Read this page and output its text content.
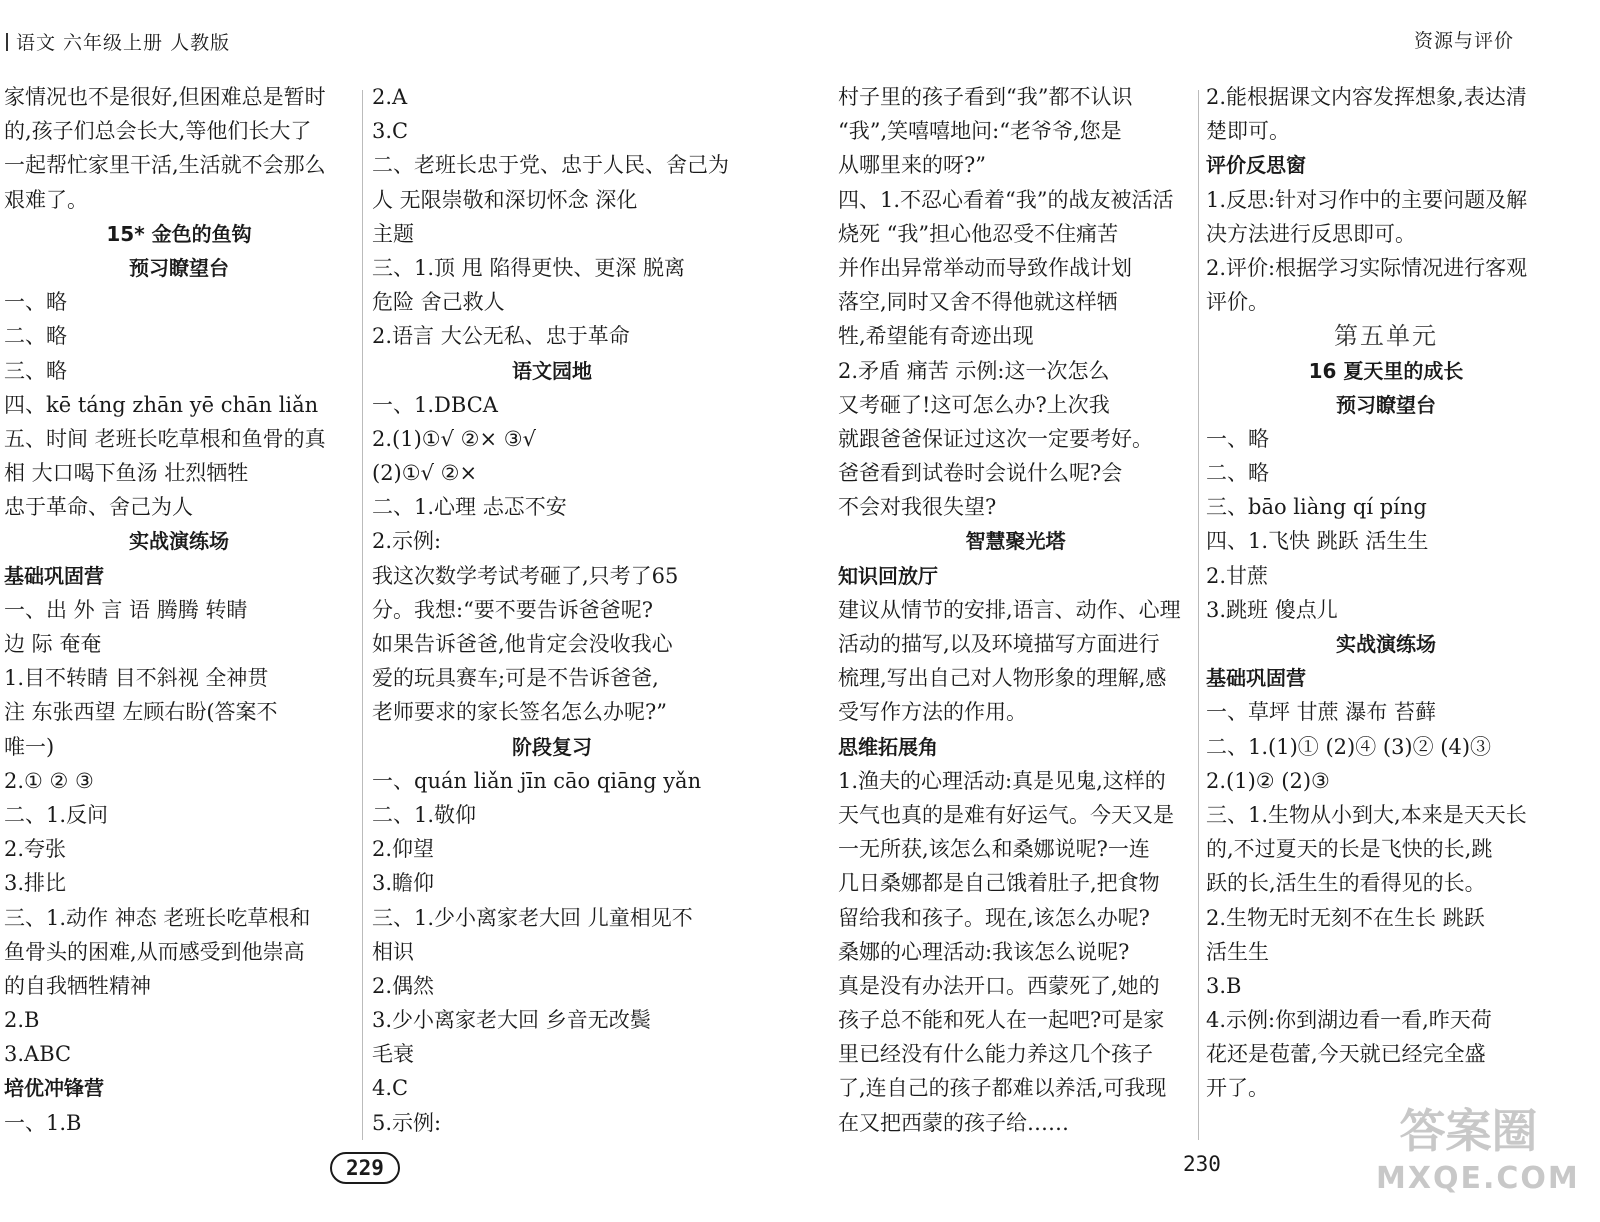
语文 六年级上册 人教版	资源与评价
家情况也不是很好,但困难总是暂时
的,孩子们总会长大,等他们长大了
一起帮忙家里干活,生活就不会那么
艰难了。
15* 金色的鱼钩
预习瞭望台
一、略
二、略
三、略
四、kē táng zhān yē chān liǎn
五、时间 老班长吃草根和鱼骨的真
相 大口喝下鱼汤 壮烈牺牲
忠于革命、舍己为人
实战演练场
基础巩固营
一、出 外 言 语 腾腾 转睛
边 际 奄奄
1.目不转睛 目不斜视 全神贯
注 东张西望 左顾右盼(答案不
唯一)
2.① ② ③
二、1.反问
2.夸张
3.排比
三、1.动作 神态 老班长吃草根和
鱼骨头的困难,从而感受到他崇高
的自我牺牲精神
2.B
3.ABC
培优冲锋营
一、1.B
2.A
3.C
二、老班长忠于党、忠于人民、舍己为
人 无限崇敬和深切怀念 深化
主题
三、1.顶 甩 陷得更快、更深 脱离
危险 舍己救人
2.语言 大公无私、忠于革命
语文园地
一、1.DBCA
2.(1)①√ ②× ③√
(2)①√ ②×
二、1.心理 忐忑不安
2.示例:
我这次数学考试考砸了,只考了65
分。我想:“要不要告诉爸爸呢?
如果告诉爸爸,他肯定会没收我心
爱的玩具赛车;可是不告诉爸爸,
老师要求的家长签名怎么办呢?”
阶段复习
一、quán liǎn jīn cāo qiāng yǎn
二、1.敬仰
2.仰望
3.瞻仰
三、1.少小离家老大回 儿童相见不
相识
2.偶然
3.少小离家老大回 乡音无改鬓
毛衰
4.C
5.示例:
村子里的孩子看到“我”都不认识
“我”,笑嘻嘻地问:“老爷爷,您是
从哪里来的呀?”
四、1.不忍心看着“我”的战友被活活
烧死 “我”担心他忍受不住痛苦
并作出异常举动而导致作战计划
落空,同时又舍不得他就这样牺
牲,希望能有奇迹出现
2.矛盾 痛苦 示例:这一次怎么
又考砸了!这可怎么办?上次我
就跟爸爸保证过这次一定要考好。
爸爸看到试卷时会说什么呢?会
不会对我很失望?
智慧聚光塔
知识回放厅
建议从情节的安排,语言、动作、心理
活动的描写,以及环境描写方面进行
梳理,写出自己对人物形象的理解,感
受写作方法的作用。
思维拓展角
1.渔夫的心理活动:真是见鬼,这样的
天气也真的是难有好运气。今天又是
一无所获,该怎么和桑娜说呢?一连
几日桑娜都是自己饿着肚子,把食物
留给我和孩子。现在,该怎么办呢?
桑娜的心理活动:我该怎么说呢?
真是没有办法开口。西蒙死了,她的
孩子总不能和死人在一起吧?可是家
里已经没有什么能力养这几个孩子
了,连自己的孩子都难以养活,可我现
在又把西蒙的孩子给……
2.能根据课文内容发挥想象,表达清
楚即可。
评价反思窗
1.反思:针对习作中的主要问题及解
决方法进行反思即可。
2.评价:根据学习实际情况进行客观
评价。
第五单元
16 夏天里的成长
预习瞭望台
一、略
二、略
三、bāo liàng qí píng
四、1.飞快 跳跃 活生生
2.甘蔗
3.跳班 傻点儿
实战演练场
基础巩固营
一、草坪 甘蔗 瀑布 苔藓
二、1.(1)① (2)④ (3)② (4)③
2.(1)② (2)③
三、1.生物从小到大,本来是天天长
的,不过夏天的长是飞快的长,跳
跃的长,活生生的看得见的长。
2.生物无时无刻不在生长 跳跃
活生生
3.B
4.示例:你到湖边看一看,昨天荷
花还是苞蕾,今天就已经完全盛
开了。
229	230
答案圈
MXQE.COM
